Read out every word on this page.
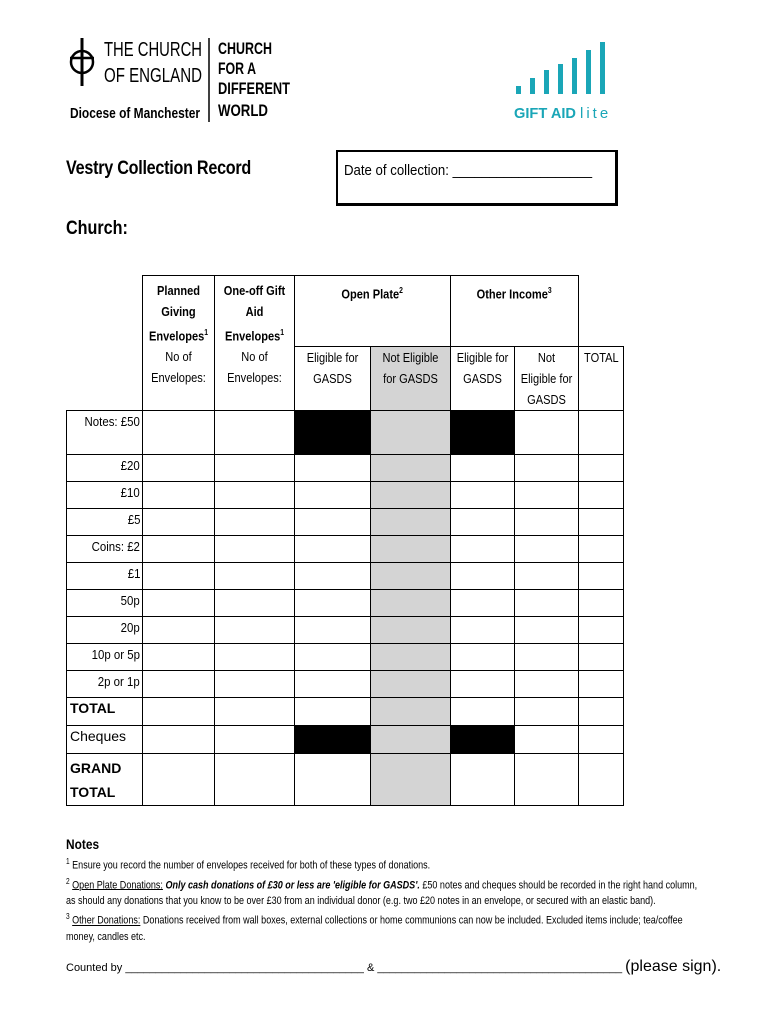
THE CHURCH
OF ENGLAND
Diocese of Manchester
CHURCH
FOR A
DIFFERENT
WORLD	GIFT AID lite
Vestry Collection Record	Date of collection: ___________________
Church:
	Planned Giving Envelopes$^1$	One-off Gift Aid Envelopes$^1$	Open Plate$^2$		Other Income$^3$	
	No of Envelopes:	No of Envelopes:	Eligible for GASDS	Not Eligible for GASDS	Eligible for GASDS	Not Eligible for GASDS	TOTAL
Notes: £50							
£20							
£10							
£5							
Coins: £2							
£1							
50p							
20p							
10p or 5p							
2p or 1p							
TOTAL							
Cheques							
GRAND TOTAL							
Notes
$^1$ Ensure you record the number of envelopes received for both of these types of donations.
$^2$ Open Plate Donations: Only cash donations of £30 or less are 'eligible for GASDS'. £50 notes and cheques should be recorded in the right hand column, as should any donations that you know to be over £30 from an individual donor (e.g. two £20 notes in an envelope, or secured with an elastic band).
$^3$ Other Donations: Donations received from wall boxes, external collections or home communions can now be included. Excluded items include; tea/coffee money, candles etc.
Counted by _______________________________________ & ________________________________________ (please sign).
